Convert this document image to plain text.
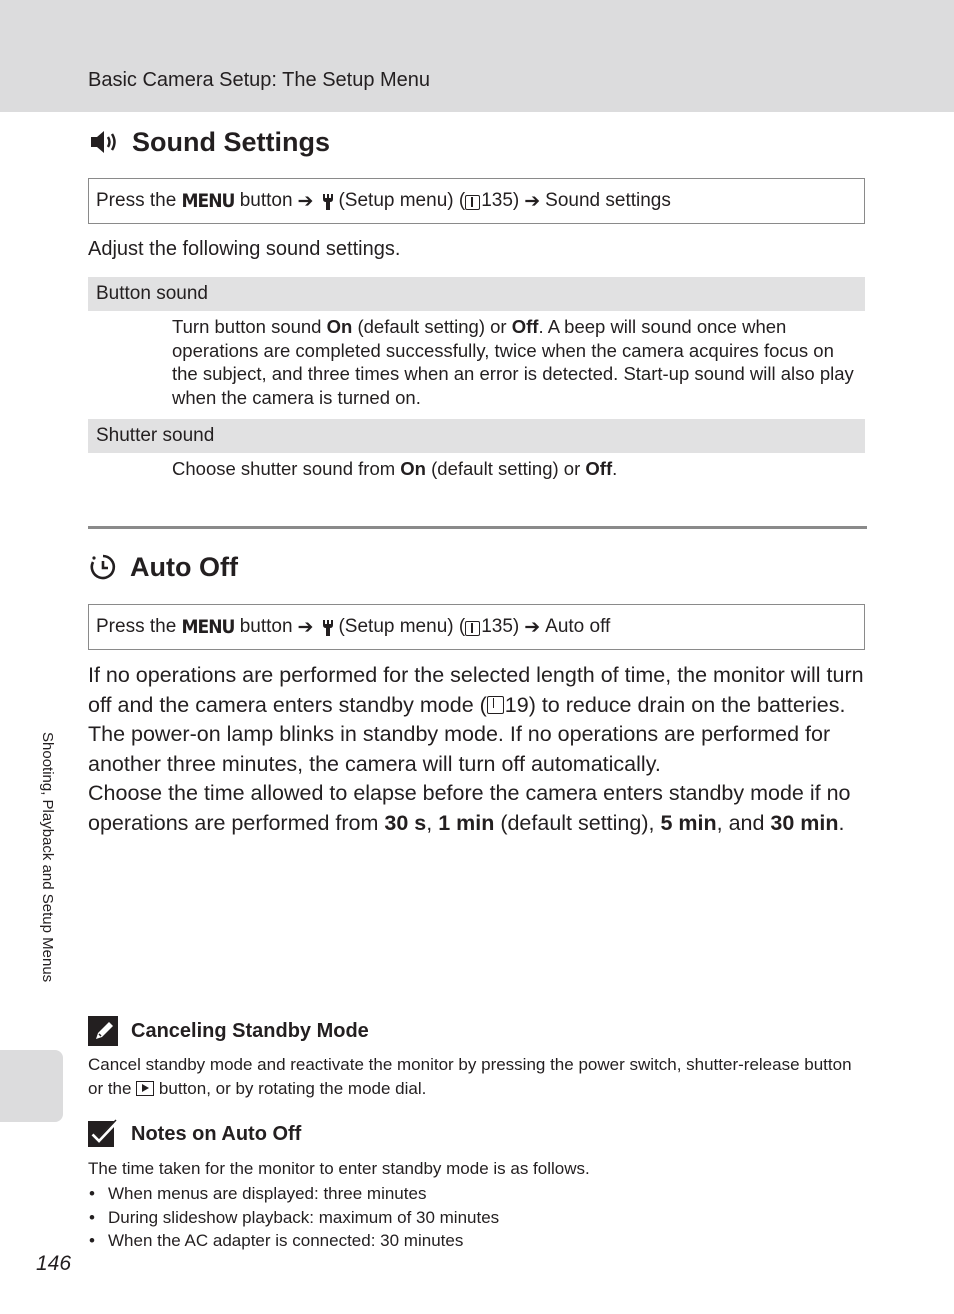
Basic Camera Setup: The Setup Menu
Sound Settings
Press the
MENU
button ➔ (Setup menu) ( 135 ) ➔ Sound settings
Adjust the following sound settings.
Button sound
Turn button sound On (default setting) or Off. A beep will sound once when operations are completed successfully, twice when the camera acquires focus on the subject, and three times when an error is detected. Start-up sound will also play when the camera is turned on.
Shutter sound
Choose shutter sound from On (default setting) or Off.
Auto Off
Press the
MENU
button ➔ (Setup menu) ( 135 ) ➔ Auto off
If no operations are performed for the selected length of time, the monitor will turn off and the camera enters standby mode ( 19) to reduce drain on the batteries. The power-on lamp blinks in standby mode. If no operations are performed for another three minutes, the camera will turn off automatically.
Choose the time allowed to elapse before the camera enters standby mode if no operations are performed from 30 s, 1 min (default setting), 5 min, and 30 min.
Canceling Standby Mode
Cancel standby mode and reactivate the monitor by pressing the power switch, shutter-release button or the  button, or by rotating the mode dial.
Notes on Auto Off
The time taken for the monitor to enter standby mode is as follows.
• When menus are displayed: three minutes
• During slideshow playback: maximum of 30 minutes
• When the AC adapter is connected: 30 minutes
Shooting, Playback and Setup Menus
146
